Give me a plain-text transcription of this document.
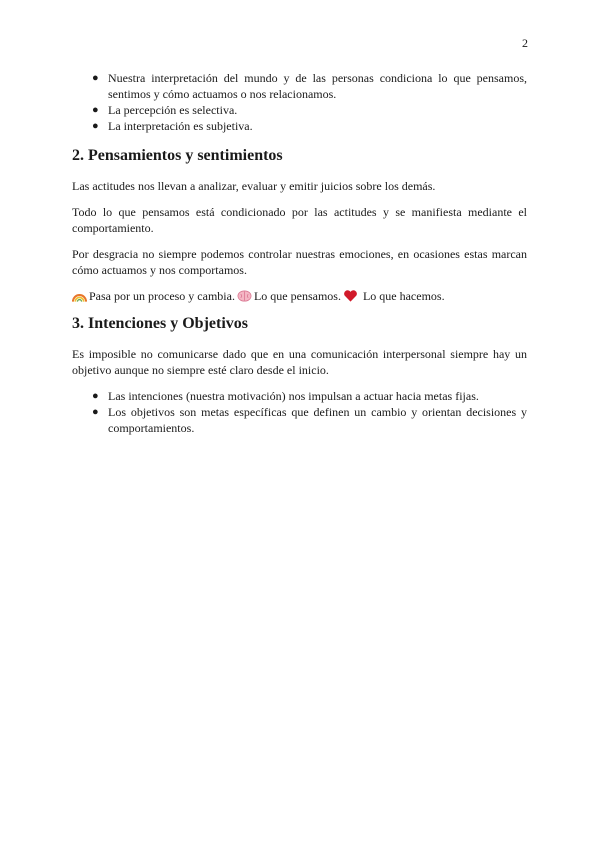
2
● Nuestra interpretación del mundo y de las personas condiciona lo que pensamos, sentimos y cómo actuamos o nos relacionamos.
● La percepción es selectiva.
● La interpretación es subjetiva.
2. Pensamientos y sentimientos

Las actitudes nos llevan a analizar, evaluar y emitir juicios sobre los demás.

Todo lo que pensamos está condicionado por las actitudes y se manifiesta mediante el comportamiento.

Por desgracia no siempre podemos controlar nuestras emociones, en ocasiones estas marcan cómo actuamos y nos comportamos.

Pasa por un proceso y cambia. Lo que pensamos. Lo que hacemos.

3. Intenciones y Objetivos

Es imposible no comunicarse dado que en una comunicación interpersonal siempre hay un objetivo aunque no siempre esté claro desde el inicio.

● Las intenciones (nuestra motivación) nos impulsan a actuar hacia metas fijas.
● Los objetivos son metas específicas que definen un cambio y orientan decisiones y comportamientos.
